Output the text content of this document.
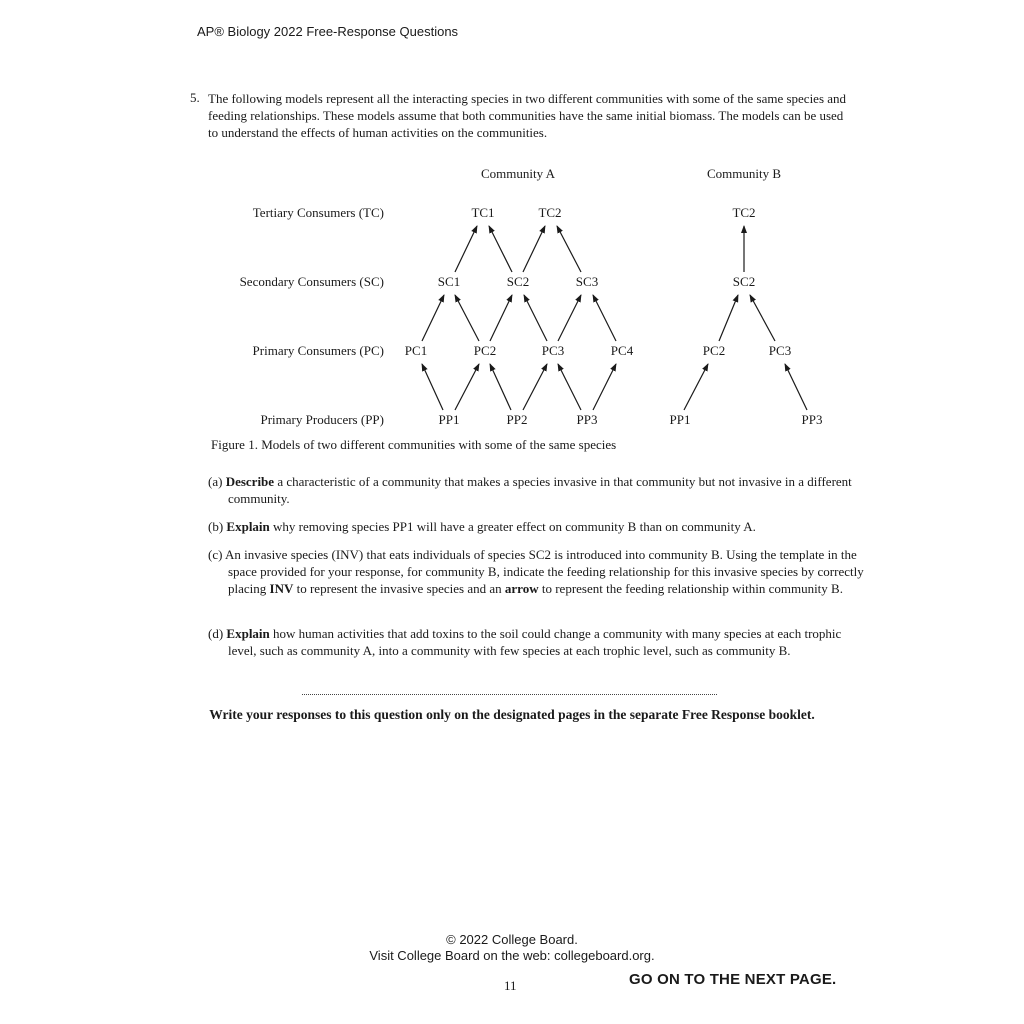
AP® Biology 2022 Free-Response Questions
5. The following models represent all the interacting species in two different communities with some of the same species and feeding relationships. These models assume that both communities have the same initial biomass. The models can be used to understand the effects of human activities on the communities.
Community A	Community B
Tertiary Consumers (TC)
Secondary Consumers (SC)
Primary Consumers (PC)
Primary Producers (PP)
TC1	TC2
SC1	SC2	SC3
PC1	PC2	PC3	PC4
PP1	PP2	PP3
TC2
SC2
PC2	PC3
PP1	PP3
Figure 1. Models of two different communities with some of the same species
(a) Describe a characteristic of a community that makes a species invasive in that community but not invasive in a different community.
(b) Explain why removing species PP1 will have a greater effect on community B than on community A.
(c) An invasive species (INV) that eats individuals of species SC2 is introduced into community B. Using the template in the space provided for your response, for community B, indicate the feeding relationship for this invasive species by correctly placing INV to represent the invasive species and an arrow to represent the feeding relationship within community B.
(d) Explain how human activities that add toxins to the soil could change a community with many species at each trophic level, such as community A, into a community with few species at each trophic level, such as community B.
Write your responses to this question only on the designated pages in the separate Free Response booklet.
© 2022 College Board.
Visit College Board on the web: collegeboard.org.
11	GO ON TO THE NEXT PAGE.
